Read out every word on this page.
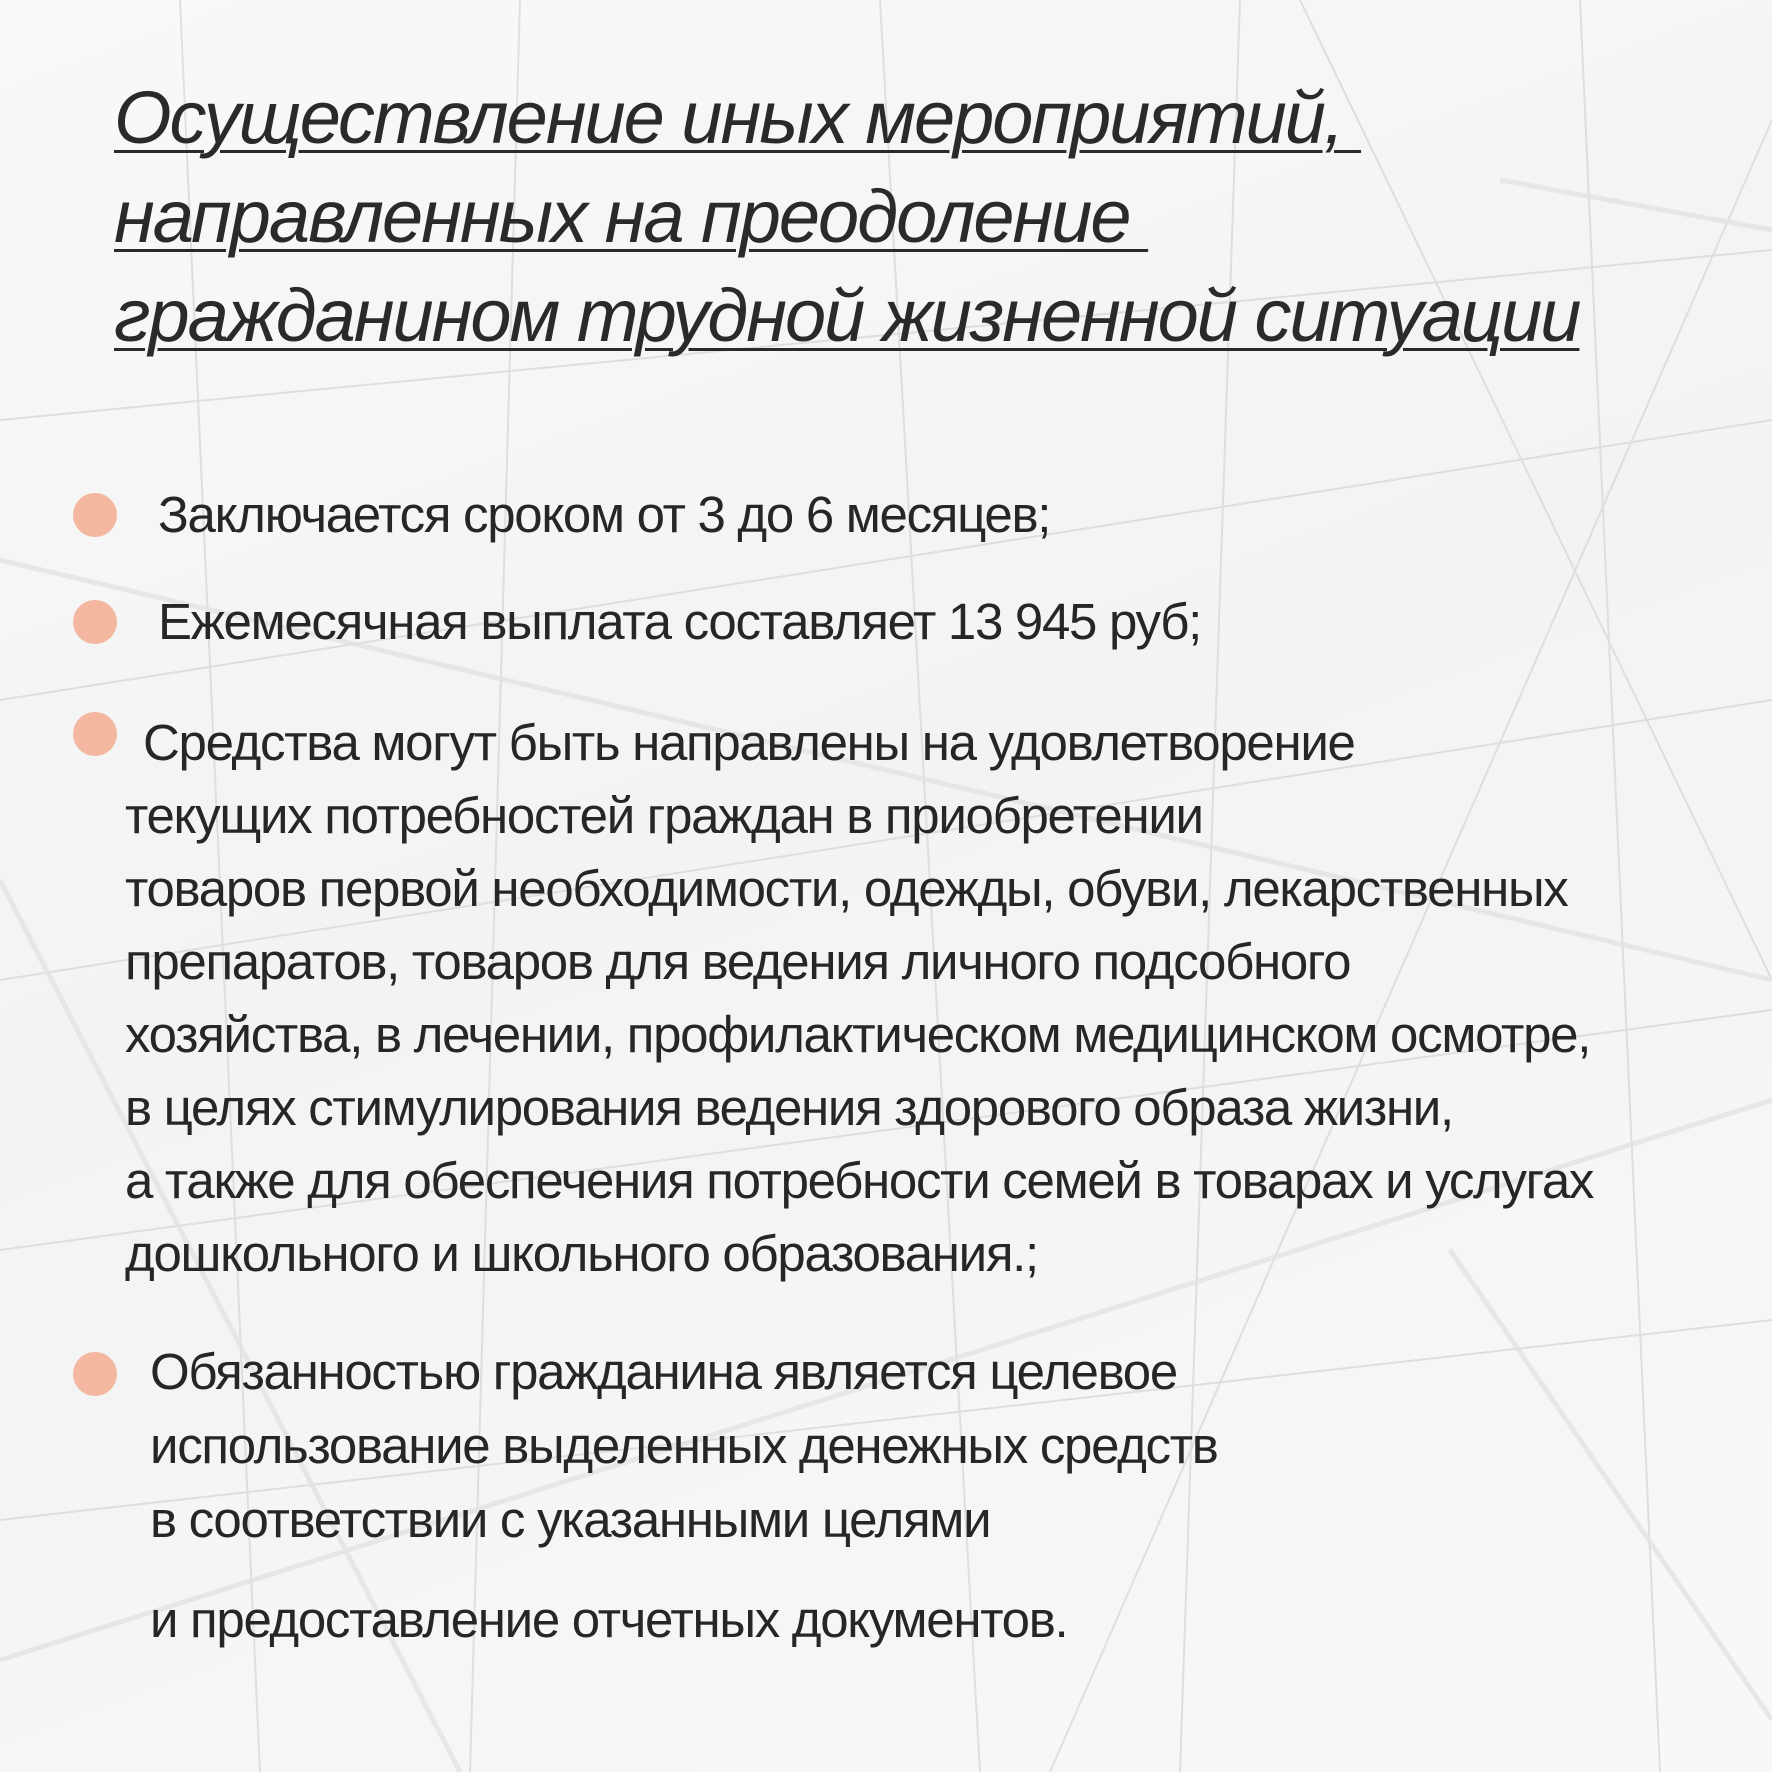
Осуществление иных мероприятий,
направленных на преодоление
гражданином трудной жизненной ситуации
Заключается сроком от 3 до 6 месяцев;
Ежемесячная выплата составляет 13 945 руб;
Средства могут быть направлены на удовлетворение
текущих потребностей граждан в приобретении
товаров первой необходимости, одежды, обуви, лекарственных
препаратов, товаров для ведения личного подсобного
хозяйства, в лечении, профилактическом медицинском осмотре,
в целях стимулирования ведения здорового образа жизни,
а также для обеспечения потребности семей в товарах и услугах
дошкольного и школьного образования.;
Обязанностью гражданина является целевое
использование выделенных денежных средств
в соответствии с указанными целями
и предоставление отчетных документов.
